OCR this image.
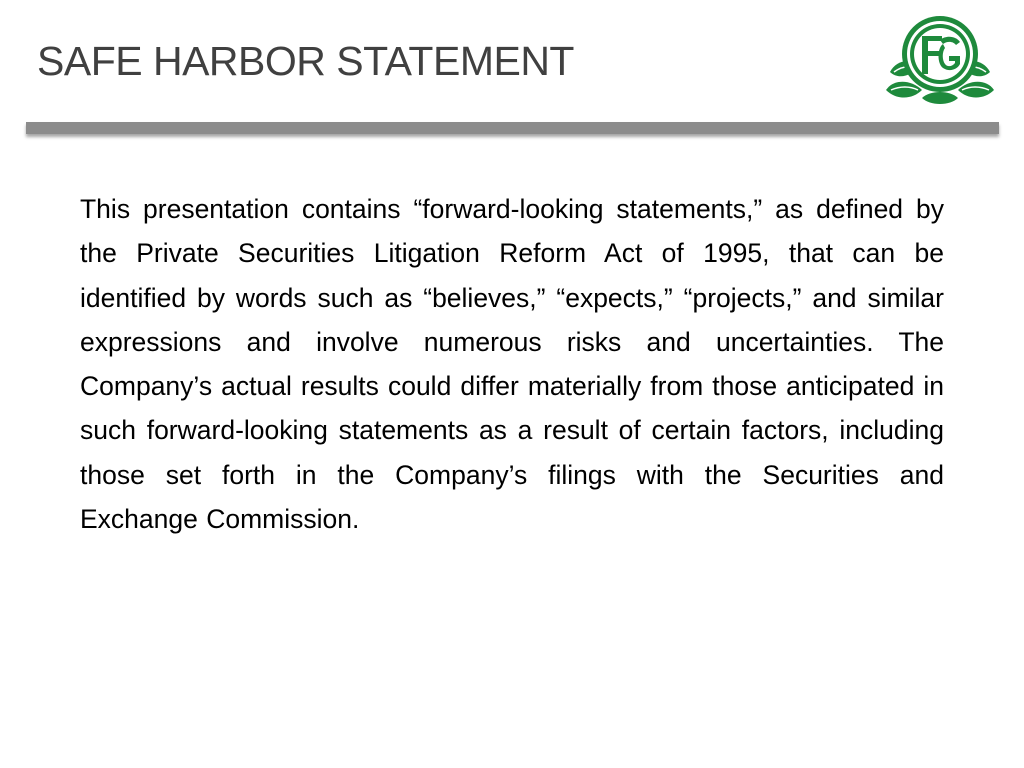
SAFE HARBOR STATEMENT

This presentation contains “forward-looking statements,” as defined by the Private Securities Litigation Reform Act of 1995, that can be identified by words such as “believes,” “expects,” “projects,” and similar expressions and involve numerous risks and uncertainties. The Company’s actual results could differ materially from those anticipated in such forward-looking statements as a result of certain factors, including those set forth in the Company’s filings with the Securities and Exchange Commission.
